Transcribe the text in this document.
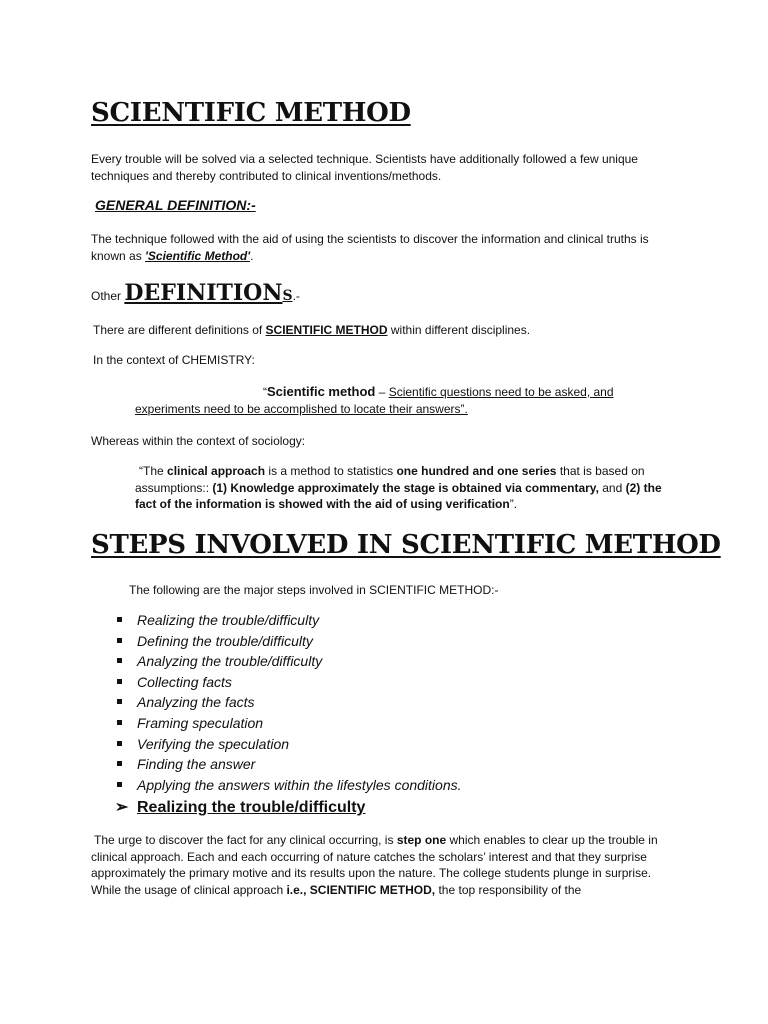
SCIENTIFIC METHOD
Every trouble will be solved via a selected technique. Scientists have additionally followed a few unique techniques and thereby contributed to clinical inventions/methods.
GENERAL DEFINITION:-
The technique followed with the aid of using the scientists to discover the information and clinical truths is known as 'Scientific Method'.
Other DEFINITIONS.-
There are different definitions of SCIENTIFIC METHOD within different disciplines.
In the context of CHEMISTRY:
“Scientific method – Scientific questions need to be asked, and experiments need to be accomplished to locate their answers”.
Whereas within the context of sociology:
“The clinical approach is a method to statistics one hundred and one series that is based on assumptions:: (1) Knowledge approximately the stage is obtained via commentary, and (2) the fact of the information is showed with the aid of using verification”.
STEPS INVOLVED IN SCIENTIFIC METHOD
The following are the major steps involved in SCIENTIFIC METHOD:-
Realizing the trouble/difficulty
Defining the trouble/difficulty
Analyzing the trouble/difficulty
Collecting facts
Analyzing the facts
Framing speculation
Verifying the speculation
Finding the answer
Applying the answers within the lifestyles conditions.
➢ Realizing the trouble/difficulty
The urge to discover the fact for any clinical occurring, is step one which enables to clear up the trouble in clinical approach. Each and each occurring of nature catches the scholars’ interest and that they surprise approximately the primary motive and its results upon the nature. The college students plunge in surprise. While the usage of clinical approach i.e., SCIENTIFIC METHOD, the top responsibility of the
